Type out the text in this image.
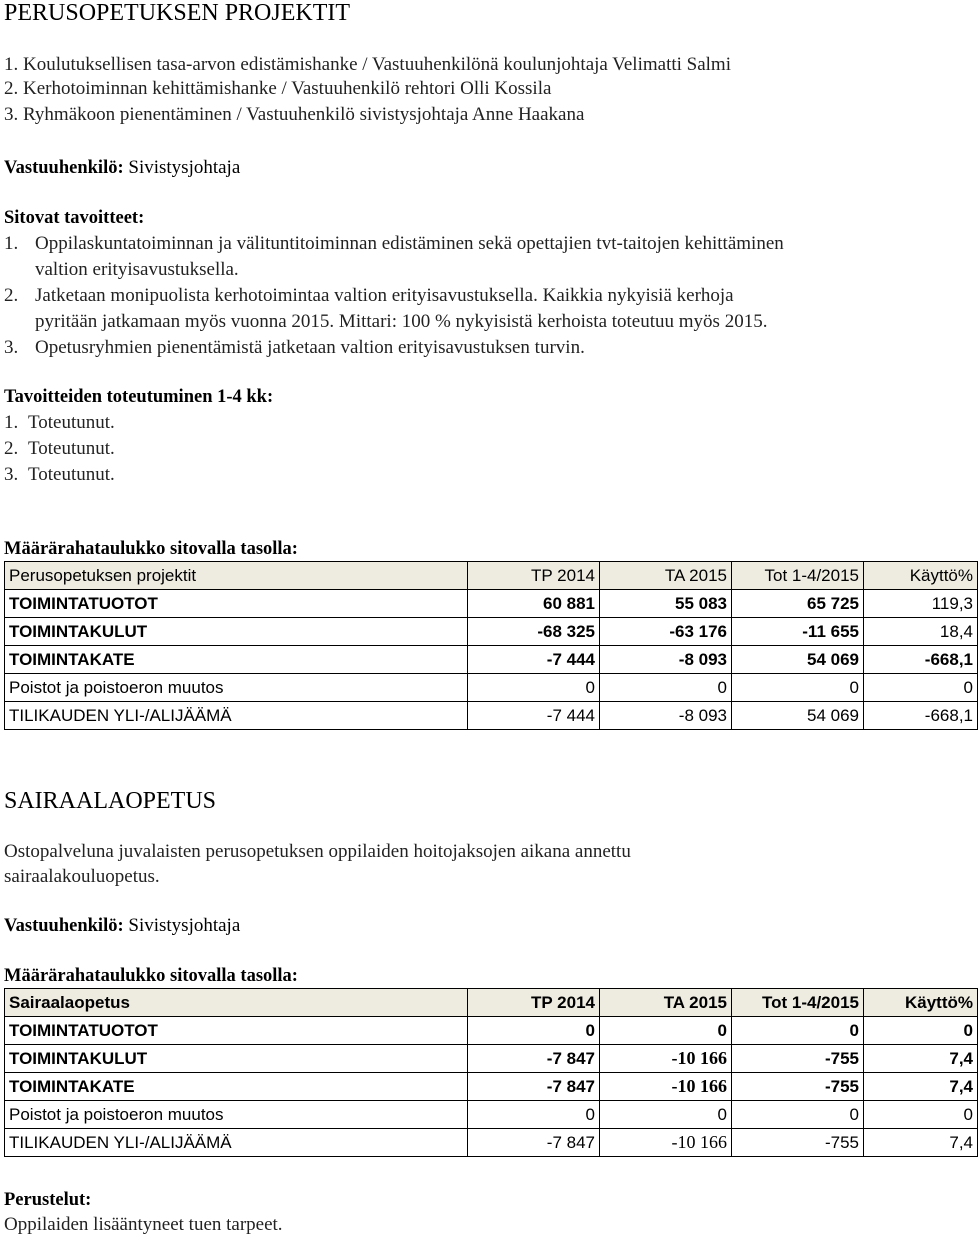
PERUSOPETUKSEN PROJEKTIT
1. Koulutuksellisen tasa-arvon edistämishanke / Vastuuhenkilönä koulunjohtaja Velimatti Salmi
2. Kerhotoiminnan kehittämishanke / Vastuuhenkilö rehtori Olli Kossila
3. Ryhmäkoon pienentäminen / Vastuuhenkilö sivistysjohtaja Anne Haakana
Vastuuhenkilö: Sivistysjohtaja
Sitovat tavoitteet:
1. Oppilaskuntatoiminnan ja välituntitoiminnan edistäminen sekä opettajien tvt-taitojen kehittäminen
valtion erityisavustuksella.
2. Jatketaan monipuolista kerhotoimintaa valtion erityisavustuksella. Kaikkia nykyisiä kerhoja
pyritään jatkamaan myös vuonna 2015. Mittari: 100 % nykyisistä kerhoista toteutuu myös 2015.
3. Opetusryhmien pienentämistä jatketaan valtion erityisavustuksen turvin.
Tavoitteiden toteutuminen 1-4 kk:
1. Toteutunut.
2. Toteutunut.
3. Toteutunut.
Määrärahataulukko sitovalla tasolla:
Perusopetuksen projektit	TP 2014	TA 2015	Tot 1-4/2015	Käyttö%
TOIMINTATUOTOT	60 881	55 083	65 725	119,3
TOIMINTAKULUT	-68 325	-63 176	-11 655	18,4
TOIMINTAKATE	-7 444	-8 093	54 069	-668,1
Poistot ja poistoeron muutos	0	0	0	0
TILIKAUDEN YLI-/ALIJÄÄMÄ	-7 444	-8 093	54 069	-668,1
SAIRAALAOPETUS
Ostopalveluna juvalaisten perusopetuksen oppilaiden hoitojaksojen aikana annettu
sairaalakouluopetus.
Vastuuhenkilö: Sivistysjohtaja
Määrärahataulukko sitovalla tasolla:
Sairaalaopetus	TP 2014	TA 2015	Tot 1-4/2015	Käyttö%
TOIMINTATUOTOT	0	0	0	0
TOIMINTAKULUT	-7 847	-10 166	-755	7,4
TOIMINTAKATE	-7 847	-10 166	-755	7,4
Poistot ja poistoeron muutos	0	0	0	0
TILIKAUDEN YLI-/ALIJÄÄMÄ	-7 847	-10 166	-755	7,4
Perustelut:
Oppilaiden lisääntyneet tuen tarpeet.
